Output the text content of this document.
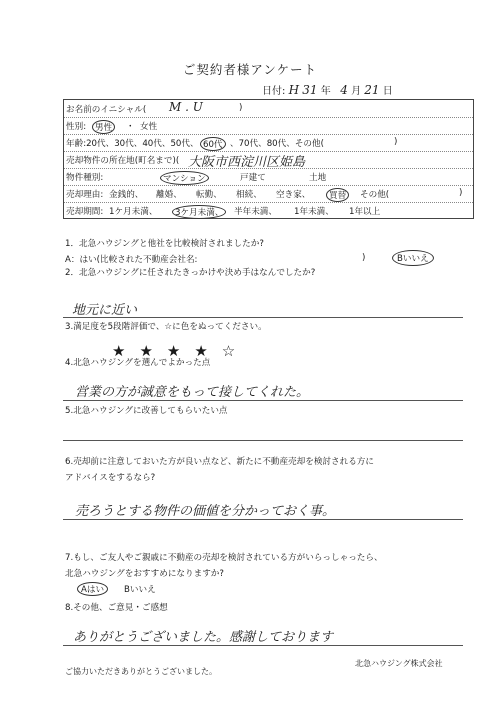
ご契約者様アンケート
日付: H 31 年 4 月 21 日
お名前のイニシャル( M . U	)
性別:	男性	・ 女性
年齢:20代、30代、40代、50代、 60代 、70代、80代、その他(	)
売却物件の所在地(町名まで)( 大阪市西淀川区姫島
物件種別:	マンション	戸建て	土地
売却理由: 金銭的、 離婚、 転勤、 相続、 空き家、	買替	その他(	)
売却期間: 1ケ月未満、	3ケ月未満、	半年未満、 1年未満、 1年以上
1．北急ハウジングと他社を比較検討されましたか?
A：はい(比較された不動産会社名:	)	Bいいえ
2．北急ハウジングに任されたきっかけや決め手はなんでしたか?
地元に近い
3.満足度を5段階評価で、☆に色をぬってください。
★★★★☆
4.北急ハウジングを選んでよかった点
営業の方が誠意をもって接してくれた。
5.北急ハウジングに改善してもらいたい点
6.売却前に注意しておいた方が良い点など、新たに不動産売却を検討される方に
アドバイスをするなら?
売ろうとする物件の価値を分かっておく事。
7.もし、ご友人やご親戚に不動産の売却を検討されている方がいらっしゃったら、
北急ハウジングをおすすめになりますか?
Aはい	Bいいえ
8.その他、ご意見・ご感想
ありがとうございました。感謝しております
ご協力いただきありがとうございました。
北急ハウジング株式会社
